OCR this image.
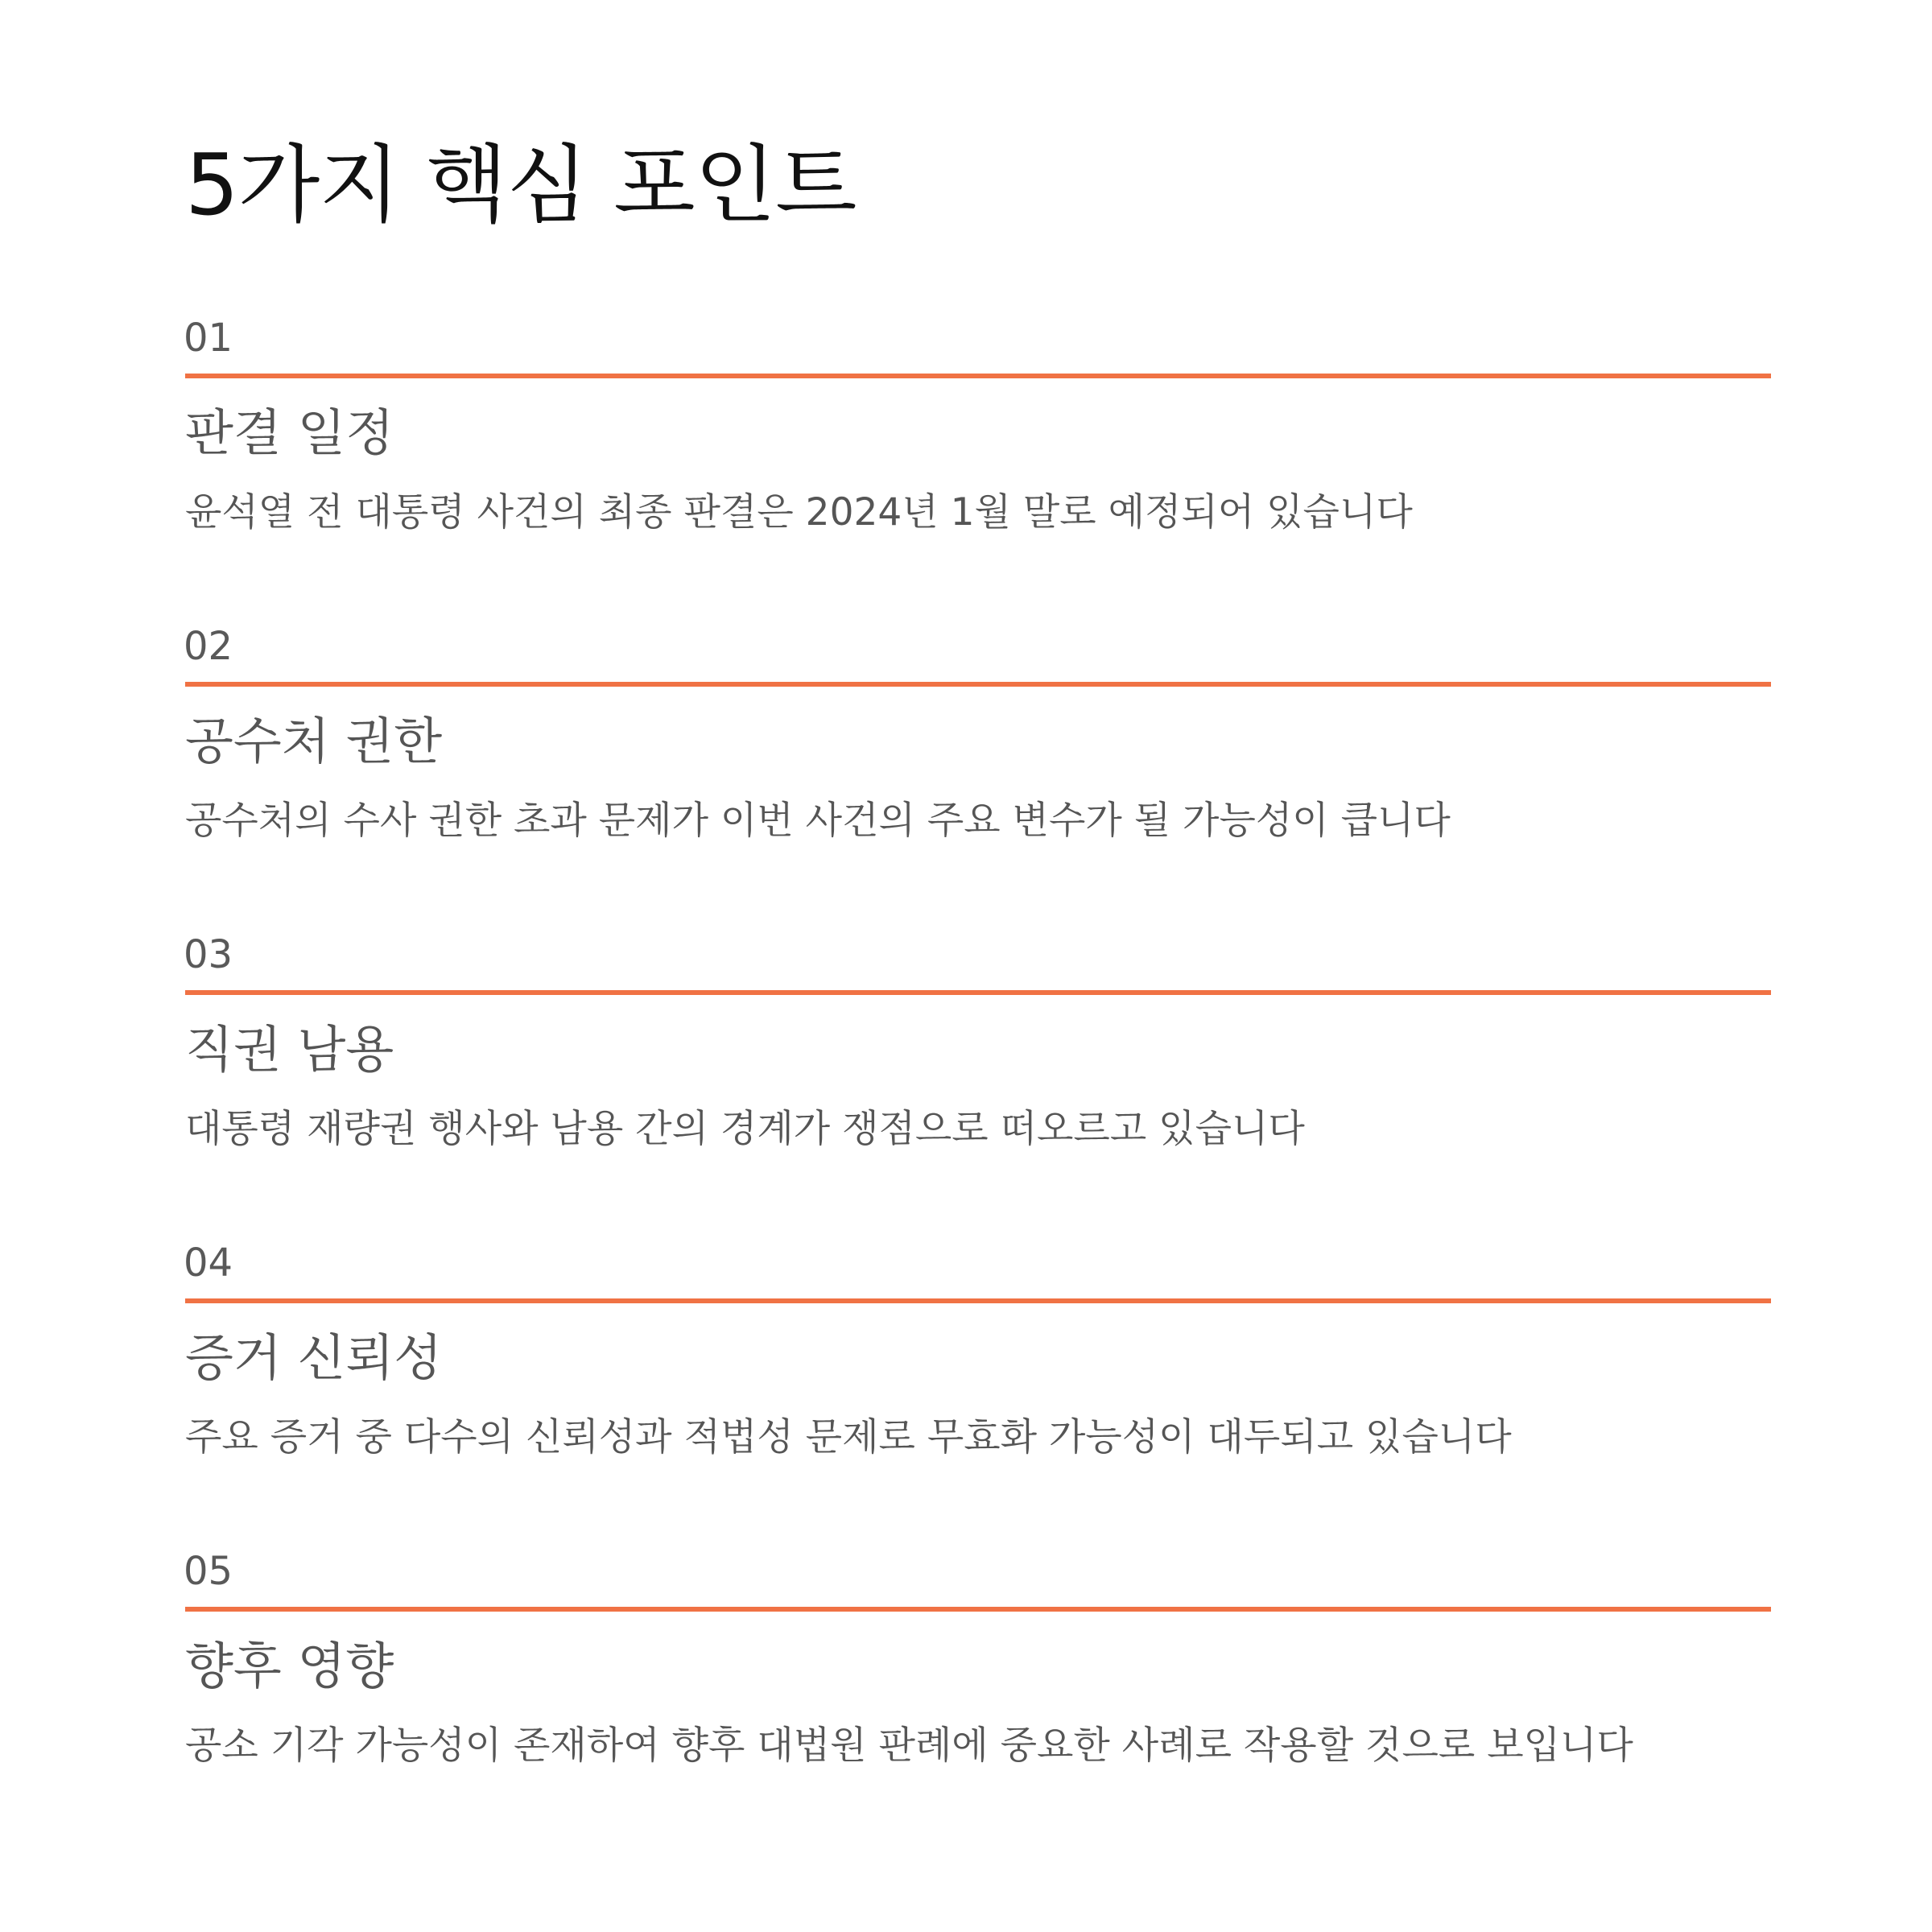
5가지 핵심 포인트
01
판결 일정

윤석열 전 대통령 사건의 최종 판결은 2024년 1월 말로 예정되어 있습니다

02
공수처 권한

공수처의 수사 권한 초과 문제가 이번 사건의 주요 변수가 될 가능성이 큽니다

03
직권 남용

대통령 재량권 행사와 남용 간의 경계가 쟁점으로 떠오르고 있습니다

04
증거 신뢰성

주요 증거 중 다수의 신뢰성과 적법성 문제로 무효화 가능성이 대두되고 있습니다

05
향후 영향

공소 기각 가능성이 존재하여 향후 대법원 판례에 중요한 사례로 작용할 것으로 보입니다
